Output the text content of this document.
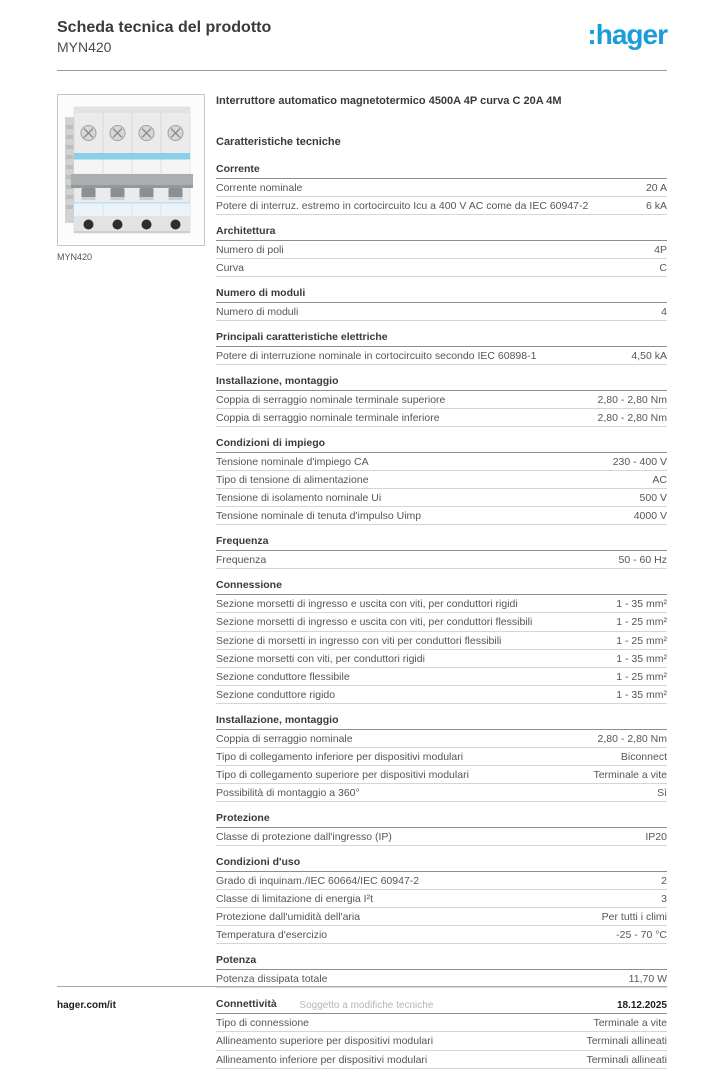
Scheda tecnica del prodotto
MYN420	:hager
MYN420
Interruttore automatico magnetotermico 4500A 4P curva C 20A 4M
Caratteristiche tecniche
Corrente
Corrente nominale	20 A
Potere di interruz. estremo in cortocircuito Icu a 400 V AC come da IEC 60947-2	6 kA
Architettura
Numero di poli	4P
Curva	C
Numero di moduli
Numero di moduli	4
Principali caratteristiche elettriche
Potere di interruzione nominale in cortocircuito secondo IEC 60898-1	4,50 kA
Installazione, montaggio
Coppia di serraggio nominale terminale superiore	2,80 - 2,80 Nm
Coppia di serraggio nominale terminale inferiore	2,80 - 2,80 Nm
Condizioni di impiego
Tensione nominale d'impiego CA	230 - 400 V
Tipo di tensione di alimentazione	AC
Tensione di isolamento nominale Ui	500 V
Tensione nominale di tenuta d'impulso Uimp	4000 V
Frequenza
Frequenza	50 - 60 Hz
Connessione
Sezione morsetti di ingresso e uscita con viti, per conduttori rigidi	1 - 35 mm²
Sezione morsetti di ingresso e uscita con viti, per conduttori flessibili	1 - 25 mm²
Sezione di morsetti in ingresso con viti per conduttori flessibili	1 - 25 mm²
Sezione morsetti con viti, per conduttori rigidi	1 - 35 mm²
Sezione conduttore flessibile	1 - 25 mm²
Sezione conduttore rigido	1 - 35 mm²
Installazione, montaggio
Coppia di serraggio nominale	2,80 - 2,80 Nm
Tipo di collegamento inferiore per dispositivi modulari	Biconnect
Tipo di collegamento superiore per dispositivi modulari	Terminale a vite
Possibilità di montaggio a 360°	Sì
Protezione
Classe di protezione dall'ingresso (IP)	IP20
Condizioni d'uso
Grado di inquinam./IEC 60664/IEC 60947-2	2
Classe di limitazione di energia I²t	3
Protezione dall'umidità dell'aria	Per tutti i climi
Temperatura d'esercizio	-25 - 70 °C
Potenza
Potenza dissipata totale	11,70 W
Connettività
Tipo di connessione	Terminale a vite
Allineamento superiore per dispositivi modulari	Terminali allineati
Allineamento inferiore per dispositivi modulari	Terminali allineati
hager.com/it	Soggetto a modifiche tecniche	18.12.2025
